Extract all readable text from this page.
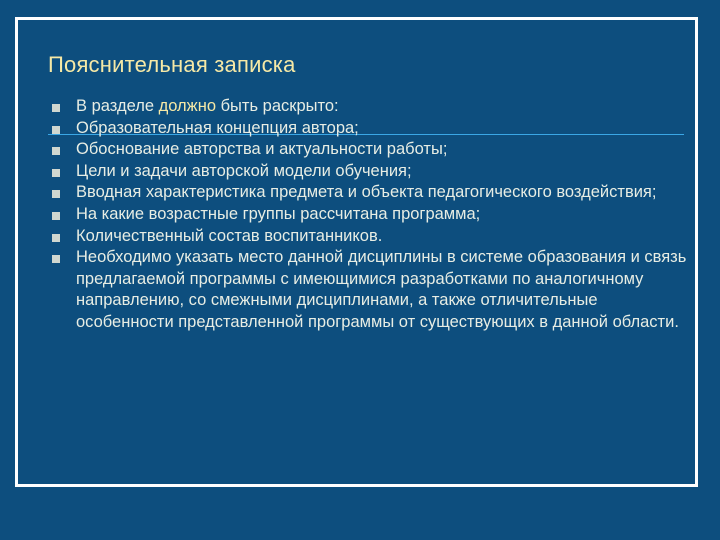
Пояснительная записка
В разделе должно быть раскрыто:
Образовательная концепция автора;
Обоснование авторства и актуальности работы;
Цели и задачи авторской модели обучения;
Вводная характеристика предмета и объекта педагогического воздействия;
На какие возрастные группы рассчитана программа;
Количественный состав воспитанников.
Необходимо указать место данной дисциплины в системе образования и связь предлагаемой программы с имеющимися разработками по аналогичному направлению, со смежными дисциплинами, а также отличительные особенности представленной программы от существующих в данной области.
